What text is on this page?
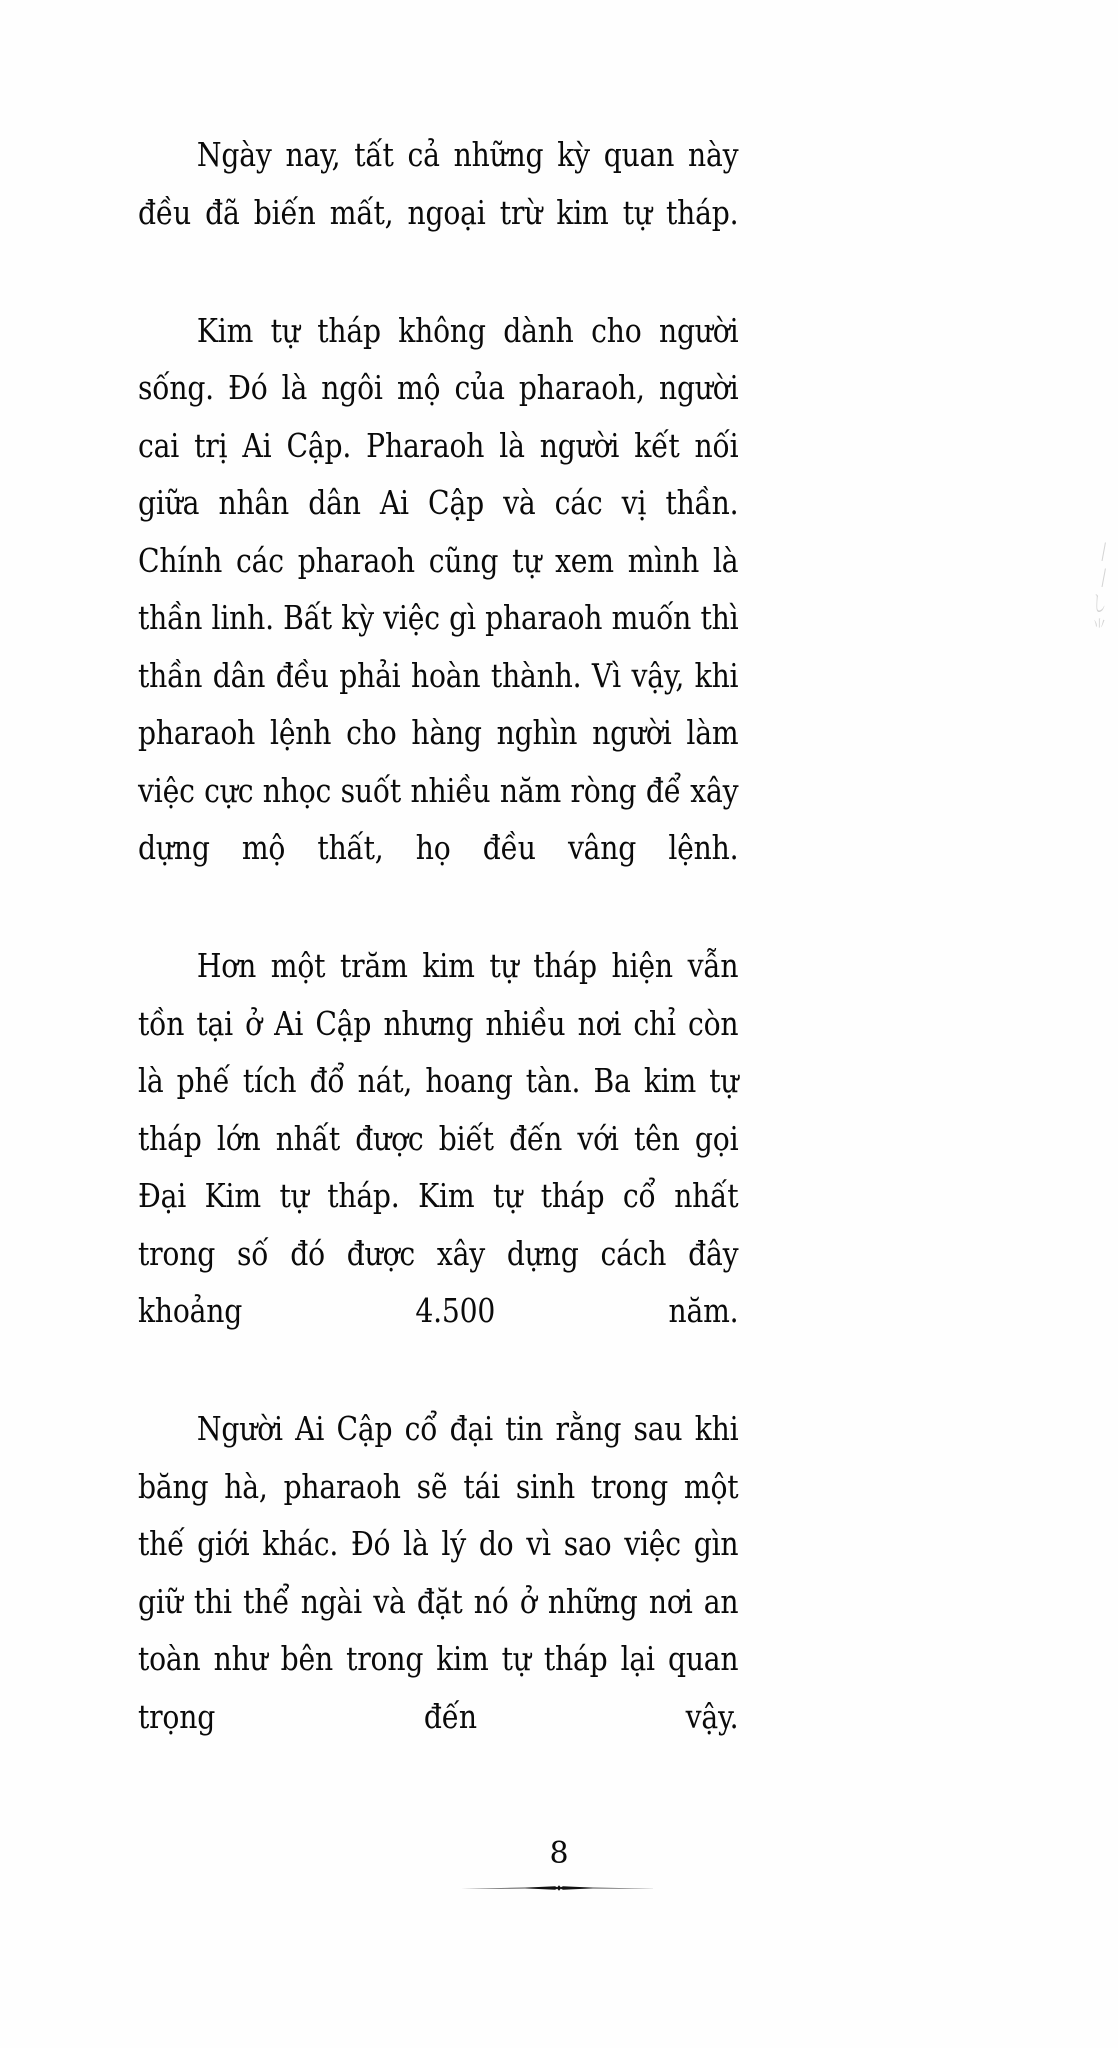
Ngày nay, tất cả những kỳ quan này đều đã biến mất, ngoại trừ kim tự tháp.

Kim tự tháp không dành cho người sống. Đó là ngôi mộ của pharaoh, người cai trị Ai Cập. Pharaoh là người kết nối giữa nhân dân Ai Cập và các vị thần. Chính các pharaoh cũng tự xem mình là thần linh. Bất kỳ việc gì pharaoh muốn thì thần dân đều phải hoàn thành. Vì vậy, khi pharaoh lệnh cho hàng nghìn người làm việc cực nhọc suốt nhiều năm ròng để xây dựng mộ thất, họ đều vâng lệnh.

Hơn một trăm kim tự tháp hiện vẫn tồn tại ở Ai Cập nhưng nhiều nơi chỉ còn là phế tích đổ nát, hoang tàn. Ba kim tự tháp lớn nhất được biết đến với tên gọi Đại Kim tự tháp. Kim tự tháp cổ nhất trong số đó được xây dựng cách đây khoảng 4.500 năm.

Người Ai Cập cổ đại tin rằng sau khi băng hà, pharaoh sẽ tái sinh trong một thế giới khác. Đó là lý do vì sao việc gìn giữ thi thể ngài và đặt nó ở những nơi an toàn như bên trong kim tự tháp lại quan trọng đến vậy.

/
/
し
⺌
8
